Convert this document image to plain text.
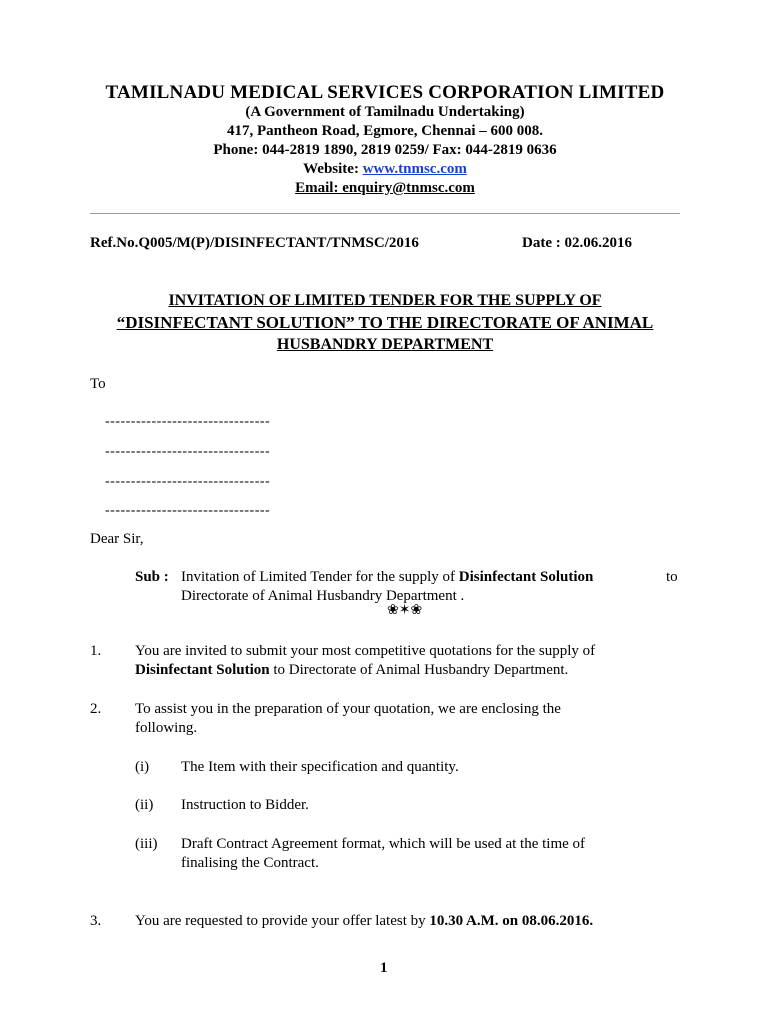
TAMILNADU MEDICAL SERVICES CORPORATION LIMITED
(A Government of Tamilnadu Undertaking)
417, Pantheon Road, Egmore, Chennai – 600 008.
Phone: 044-2819 1890, 2819 0259/ Fax: 044-2819 0636
Website: www.tnmsc.com
Email: enquiry@tnmsc.com
Ref.No.Q005/M(P)/DISINFECTANT/TNMSC/2016	Date : 02.06.2016
INVITATION OF LIMITED TENDER FOR THE SUPPLY OF
“DISINFECTANT SOLUTION” TO THE DIRECTORATE OF ANIMAL
HUSBANDRY DEPARTMENT
To
--------------------------------
--------------------------------
--------------------------------
--------------------------------
Dear Sir,
Sub : Invitation of Limited Tender for the supply of Disinfectant Solution	to
Directorate of Animal Husbandry Department .
❀✶❀
1. You are invited to submit your most competitive quotations for the supply of
Disinfectant Solution to Directorate of Animal Husbandry Department.
2. To assist you in the preparation of your quotation, we are enclosing the
following.
(i) The Item with their specification and quantity.
(ii) Instruction to Bidder.
(iii) Draft Contract Agreement format, which will be used at the time of
finalising the Contract.
3. You are requested to provide your offer latest by 10.30 A.M. on 08.06.2016.
1
